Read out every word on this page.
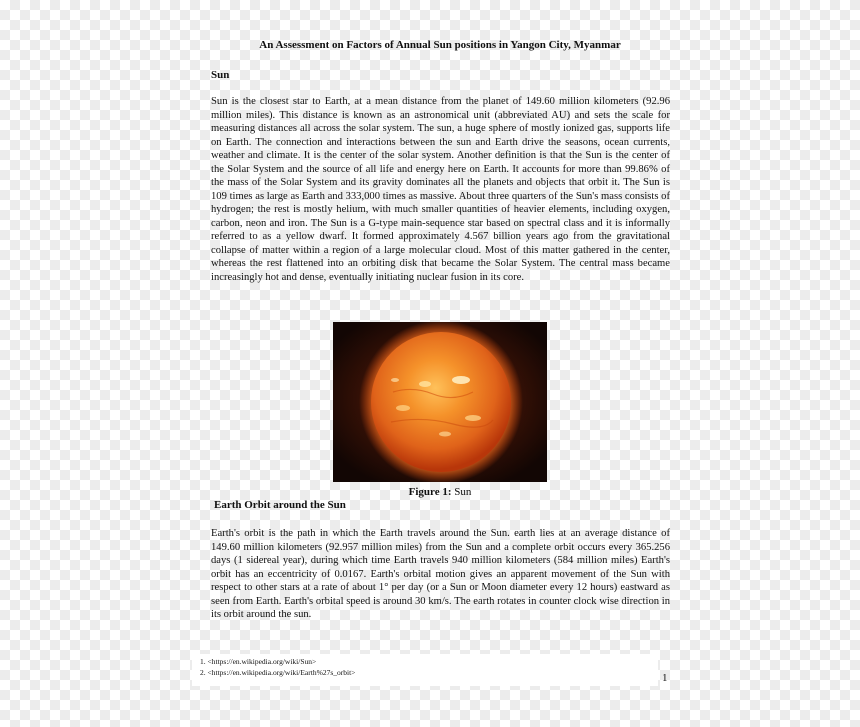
An Assessment on Factors of Annual Sun positions in Yangon City, Myanmar
Sun

Sun is the closest star to Earth, at a mean distance from the planet of 149.60 million kilometers (92.96 million miles). This distance is known as an astronomical unit (abbreviated AU) and sets the scale for measuring distances all across the solar system. The sun, a huge sphere of mostly ionized gas, supports life on Earth. The connection and interactions between the sun and Earth drive the seasons, ocean currents, weather and climate. It is the center of the solar system. Another definition is that the Sun is the center of the Solar System and the source of all life and energy here on Earth. It accounts for more than 99.86% of the mass of the Solar System and its gravity dominates all the planets and objects that orbit it. The Sun is 109 times as large as Earth and 333,000 times as massive. About three quarters of the Sun's mass consists of hydrogen; the rest is mostly helium, with much smaller quantities of heavier elements, including oxygen, carbon, neon and iron. The Sun is a G-type main-sequence star based on spectral class and it is informally referred to as a yellow dwarf. It formed approximately 4.567 billion years ago from the gravitational collapse of matter within a region of a large molecular cloud. Most of this matter gathered in the center, whereas the rest flattened into an orbiting disk that became the Solar System. The central mass became increasingly hot and dense, eventually initiating nuclear fusion in its core.

Figure 1: Sun
Earth Orbit around the Sun

Earth's orbit is the path in which the Earth travels around the Sun. earth lies at an average distance of 149.60 million kilometers (92.957 million miles) from the Sun and a complete orbit occurs every 365.256 days (1 sidereal year), during which time Earth travels 940 million kilometers (584 million miles) Earth's orbit has an eccentricity of 0.0167. Earth's orbital motion gives an apparent movement of the Sun with respect to other stars at a rate of about 1° per day (or a Sun or Moon diameter every 12 hours) eastward as seen from Earth. Earth's orbital speed is around 30 km/s. The earth rotates in counter clock wise direction in its orbit around the sun.

1. <https://en.wikipedia.org/wiki/Sun>
2. <https://en.wikipedia.org/wiki/Earth%27s_orbit>	1
